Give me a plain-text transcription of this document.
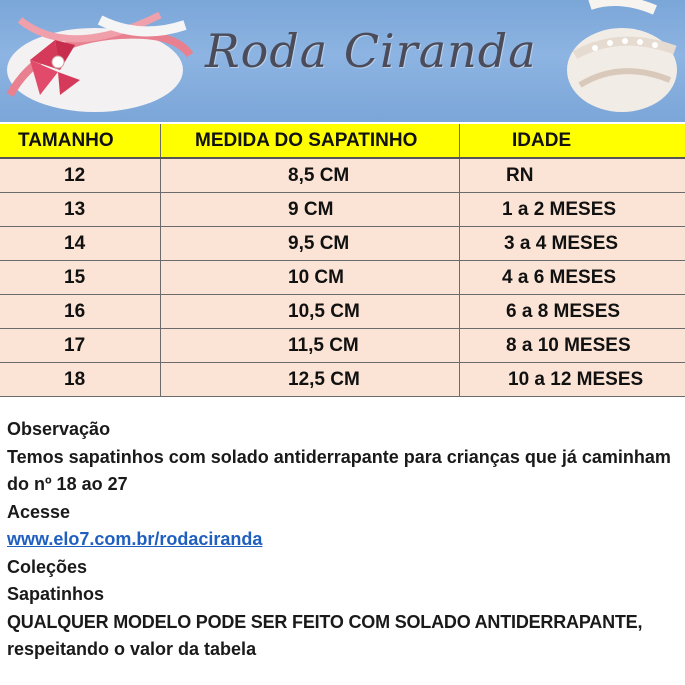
Roda Ciranda
TAMANHO	MEDIDA DO SAPATINHO	IDADE

12	8,5 CM	RN

13	9 CM	1 a 2 MESES

14	9,5 CM	3 a 4 MESES

15	10 CM	4 a 6 MESES

16	10,5 CM	6 a 8 MESES

17	11,5 CM	8 a 10 MESES

18	12,5 CM	10 a 12 MESES
Observação
Temos sapatinhos com solado antiderrapante para crianças que já caminham do nº 18 ao 27
Acesse
www.elo7.com.br/rodaciranda
Coleções
Sapatinhos
QUALQUER MODELO PODE SER FEITO COM SOLADO ANTIDERRAPANTE,
respeitando o valor da tabela
